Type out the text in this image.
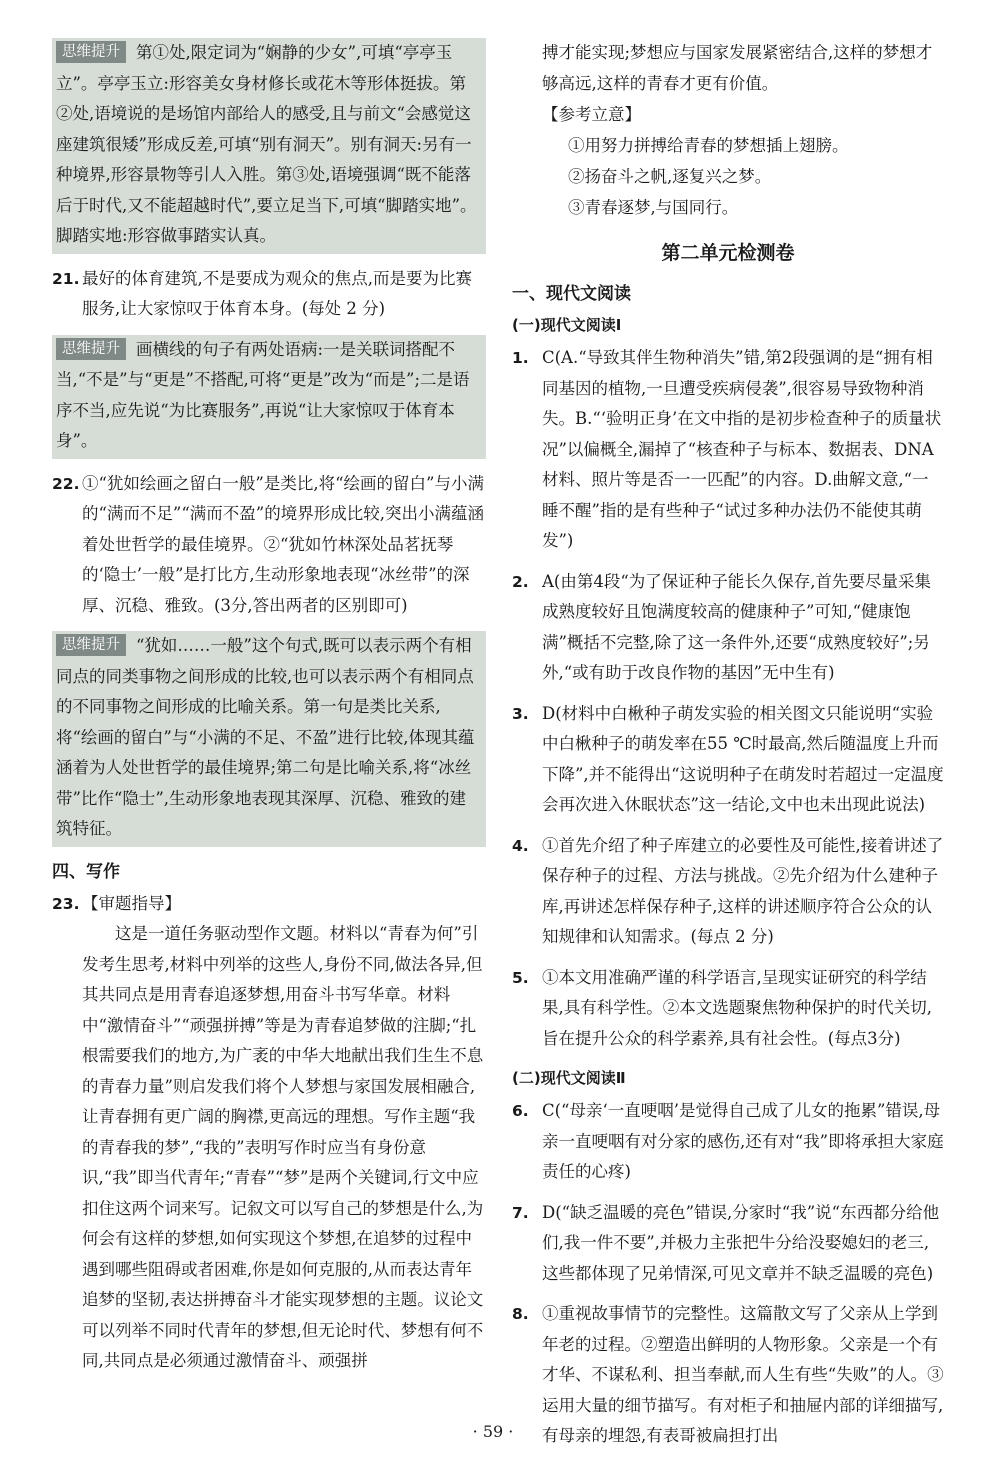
思维提升 第①处,限定词为“娴静的少女”,可填“亭亭玉立”。亭亭玉立:形容美女身材修长或花木等形体挺拔。第②处,语境说的是场馆内部给人的感受,且与前文“会感觉这座建筑很矮”形成反差,可填“别有洞天”。别有洞天:另有一种境界,形容景物等引人入胜。第③处,语境强调“既不能落后于时代,又不能超越时代”,要立足当下,可填“脚踏实地”。脚踏实地:形容做事踏实认真。
21. 最好的体育建筑,不是要成为观众的焦点,而是要为比赛服务,让大家惊叹于体育本身。(每处 2 分)
思维提升 画横线的句子有两处语病:一是关联词搭配不当,“不是”与“更是”不搭配,可将“更是”改为“而是”;二是语序不当,应先说“为比赛服务”,再说“让大家惊叹于体育本身”。
22. ①“犹如绘画之留白一般”是类比,将“绘画的留白”与小满的“满而不足”“满而不盈”的境界形成比较,突出小满蕴涵着处世哲学的最佳境界。②“犹如竹林深处品茗抚琴的‘隐士’一般”是打比方,生动形象地表现“冰丝带”的深厚、沉稳、雅致。(3分,答出两者的区别即可)
思维提升 “犹如……一般”这个句式,既可以表示两个有相同点的同类事物之间形成的比较,也可以表示两个有相同点的不同事物之间形成的比喻关系。第一句是类比关系,将“绘画的留白”与“小满的不足、不盈”进行比较,体现其蕴涵着为人处世哲学的最佳境界;第二句是比喻关系,将“冰丝带”比作“隐士”,生动形象地表现其深厚、沉稳、雅致的建筑特征。
四、写作
23. 【审题指导】
这是一道任务驱动型作文题。材料以“青春为何”引发考生思考,材料中列举的这些人,身份不同,做法各异,但其共同点是用青春追逐梦想,用奋斗书写华章。材料中“激情奋斗”“顽强拼搏”等是为青春追梦做的注脚;“扎根需要我们的地方,为广袤的中华大地献出我们生生不息的青春力量”则启发我们将个人梦想与家国发展相融合,让青春拥有更广阔的胸襟,更高远的理想。写作主题“我的青春我的梦”,“我的”表明写作时应当有身份意识,“我”即当代青年;“青春”“梦”是两个关键词,行文中应扣住这两个词来写。记叙文可以写自己的梦想是什么,为何会有这样的梦想,如何实现这个梦想,在追梦的过程中遇到哪些阻碍或者困难,你是如何克服的,从而表达青年追梦的坚韧,表达拼搏奋斗才能实现梦想的主题。议论文可以列举不同时代青年的梦想,但无论时代、梦想有何不同,共同点是必须通过激情奋斗、顽强拼
搏才能实现;梦想应与国家发展紧密结合,这样的梦想才够高远,这样的青春才更有价值。
【参考立意】
①用努力拼搏给青春的梦想插上翅膀。
②扬奋斗之帆,逐复兴之梦。
③青春逐梦,与国同行。
第二单元检测卷
一、现代文阅读
(一)现代文阅读Ⅰ
1. C(A.“导致其伴生物种消失”错,第2段强调的是“拥有相同基因的植物,一旦遭受疾病侵袭”,很容易导致物种消失。B.“‘验明正身’在文中指的是初步检查种子的质量状况”以偏概全,漏掉了“核查种子与标本、数据表、DNA材料、照片等是否一一匹配”的内容。D.曲解文意,“一睡不醒”指的是有些种子“试过多种办法仍不能使其萌发”)
2. A(由第4段“为了保证种子能长久保存,首先要尽量采集成熟度较好且饱满度较高的健康种子”可知,“健康饱满”概括不完整,除了这一条件外,还要“成熟度较好”;另外,“或有助于改良作物的基因”无中生有)
3. D(材料中白楸种子萌发实验的相关图文只能说明“实验中白楸种子的萌发率在55 ℃时最高,然后随温度上升而下降”,并不能得出“这说明种子在萌发时若超过一定温度会再次进入休眠状态”这一结论,文中也未出现此说法)
4. ①首先介绍了种子库建立的必要性及可能性,接着讲述了保存种子的过程、方法与挑战。②先介绍为什么建种子库,再讲述怎样保存种子,这样的讲述顺序符合公众的认知规律和认知需求。(每点 2 分)
5. ①本文用准确严谨的科学语言,呈现实证研究的科学结果,具有科学性。②本文选题聚焦物种保护的时代关切,旨在提升公众的科学素养,具有社会性。(每点3分)
(二)现代文阅读Ⅱ
6. C(“母亲‘一直哽咽’是觉得自己成了儿女的拖累”错误,母亲一直哽咽有对分家的感伤,还有对“我”即将承担大家庭责任的心疼)
7. D(“缺乏温暖的亮色”错误,分家时“我”说“东西都分给他们,我一件不要”,并极力主张把牛分给没娶媳妇的老三,这些都体现了兄弟情深,可见文章并不缺乏温暖的亮色)
8. ①重视故事情节的完整性。这篇散文写了父亲从上学到年老的过程。②塑造出鲜明的人物形象。父亲是一个有才华、不谋私利、担当奉献,而人生有些“失败”的人。③运用大量的细节描写。有对柜子和抽屉内部的详细描写,有母亲的埋怨,有表哥被扁担打出
· 59 ·
